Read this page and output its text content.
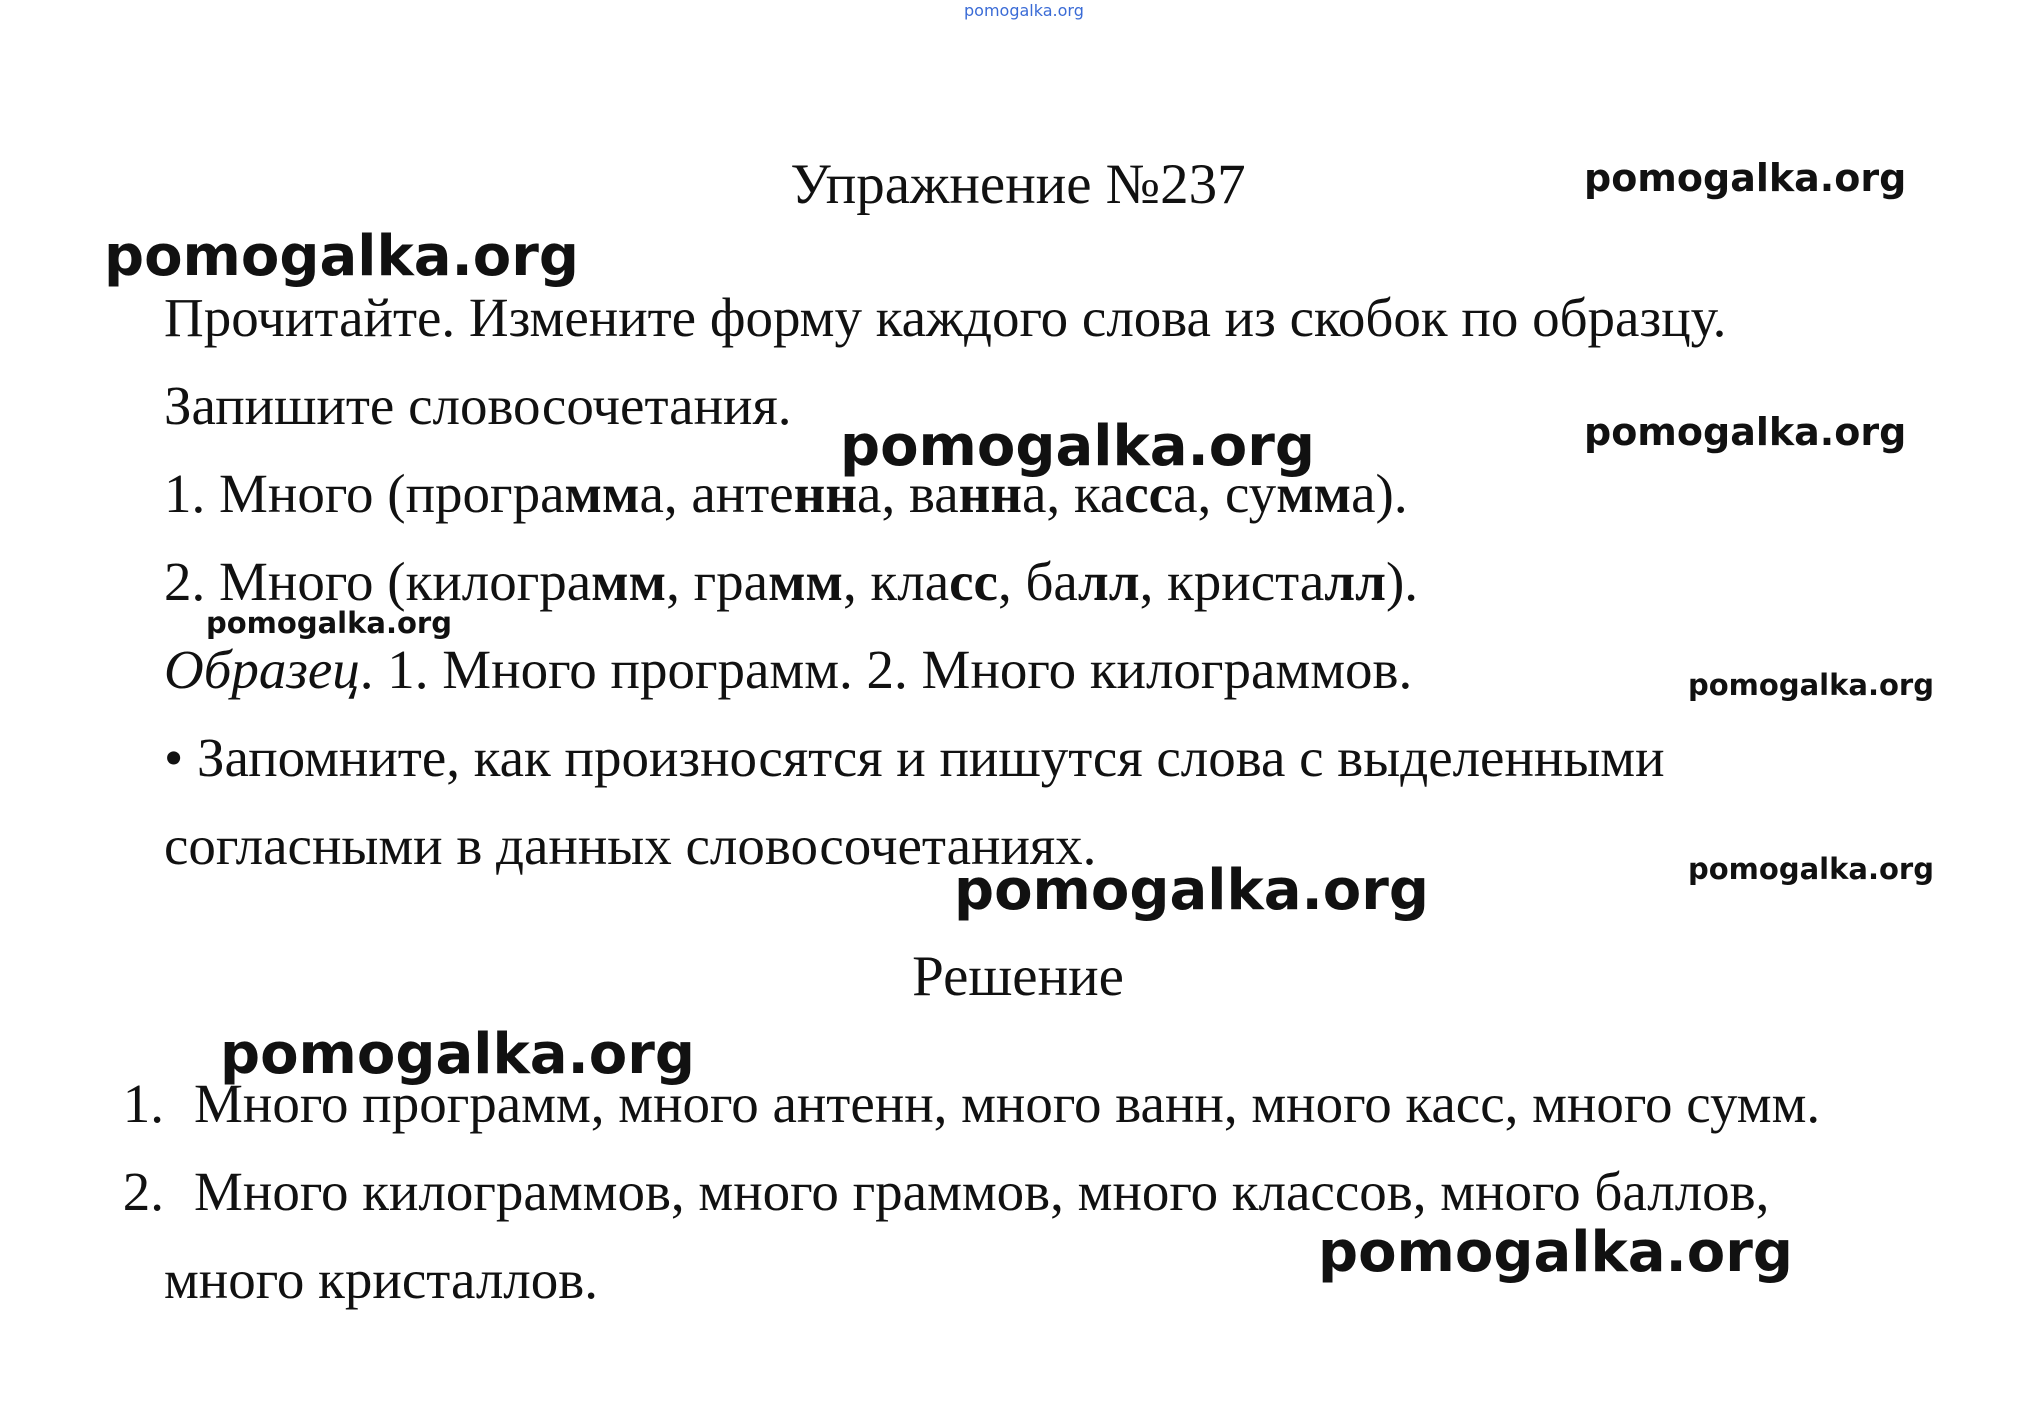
pomogalka.org
Упражнение №237
Прочитайте. Измените форму каждого слова из скобок по образцу.
Запишите словосочетания.
1. Много (программа, антенна, ванна, касса, сумма).
2. Много (килограмм, грамм, класс, балл, кристалл).
Образец. 1. Много программ. 2. Много килограммов.
• Запомните, как произносятся и пишутся слова с выделенными
согласными в данных словосочетаниях.
Решение
1. Много программ, много антенн, много ванн, много касс, много сумм.
2. Много килограммов, много граммов, много классов, много баллов,
много кристаллов.
pomogalka.org
pomogalka.org
pomogalka.org	pomogalka.org
pomogalka.org
pomogalka.org
pomogalka.org
pomogalka.org
pomogalka.org
pomogalka.org
